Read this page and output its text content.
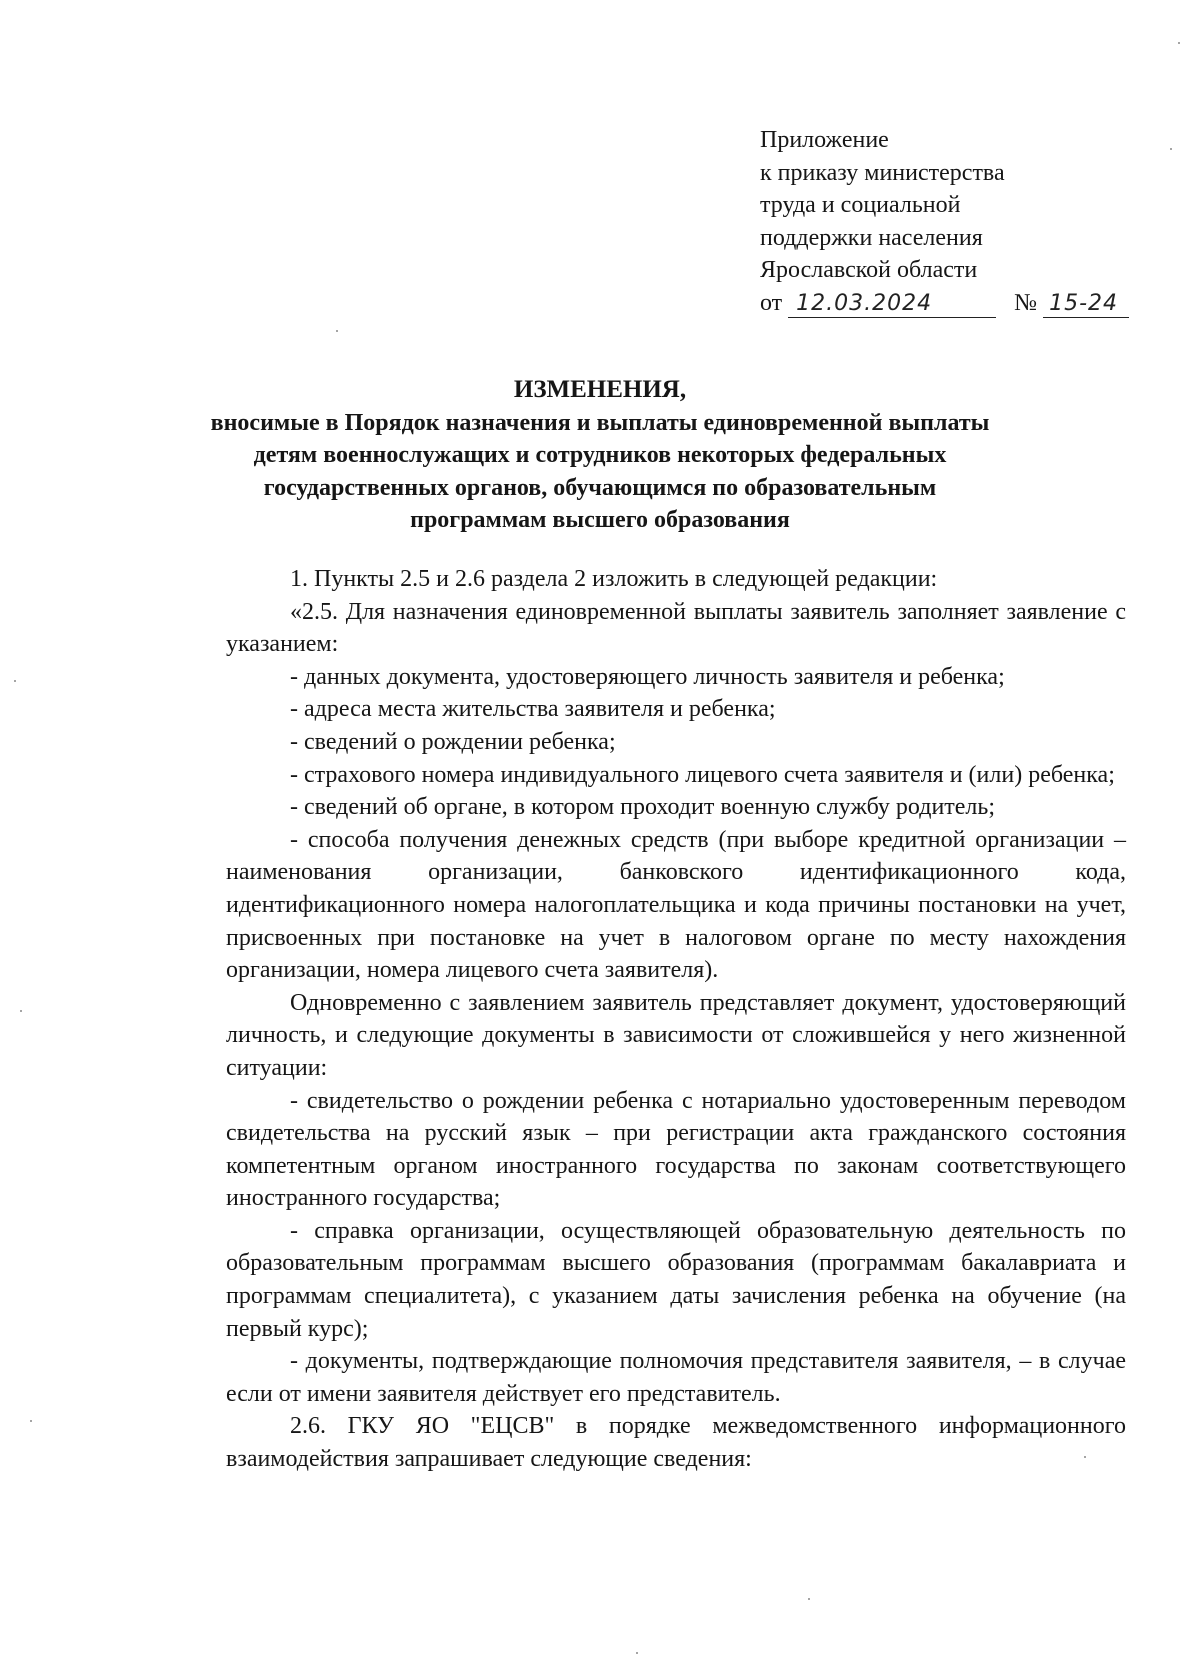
Приложение
к приказу министерства
труда и социальной
поддержки населения
Ярославской области
от 12.03.2024	№ 15-24
ИЗМЕНЕНИЯ,
вносимые в Порядок назначения и выплаты единовременной выплаты
детям военнослужащих и сотрудников некоторых федеральных
государственных органов, обучающимся по образовательным
программам высшего образования

1. Пункты 2.5 и 2.6 раздела 2 изложить в следующей редакции:

«2.5. Для назначения единовременной выплаты заявитель заполняет заявление с указанием:

- данных документа, удостоверяющего личность заявителя и ребенка;

- адреса места жительства заявителя и ребенка;

- сведений о рождении ребенка;

- страхового номера индивидуального лицевого счета заявителя и (или) ребенка;

- сведений об органе, в котором проходит военную службу родитель;

- способа получения денежных средств (при выборе кредитной организации – наименования организации, банковского идентификационного кода, идентификационного номера налогоплательщика и кода причины постановки на учет, присвоенных при постановке на учет в налоговом органе по месту нахождения организации, номера лицевого счета заявителя).

Одновременно с заявлением заявитель представляет документ, удостоверяющий личность, и следующие документы в зависимости от сложившейся у него жизненной ситуации:

- свидетельство о рождении ребенка с нотариально удостоверенным переводом свидетельства на русский язык – при регистрации акта гражданского состояния компетентным органом иностранного государства по законам соответствующего иностранного государства;

- справка организации, осуществляющей образовательную деятельность по образовательным программам высшего образования (программам бакалавриата и программам специалитета), с указанием даты зачисления ребенка на обучение (на первый курс);

- документы, подтверждающие полномочия представителя заявителя, – в случае если от имени заявителя действует его представитель.

2.6. ГКУ ЯО "ЕЦСВ" в порядке межведомственного информационного взаимодействия запрашивает следующие сведения:
